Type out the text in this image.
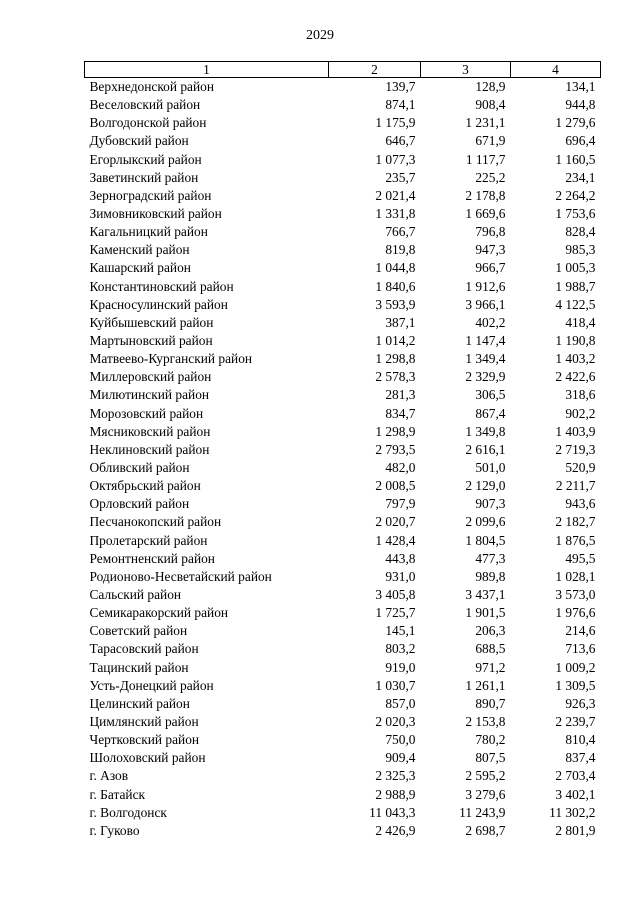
2029
1	2	3	4
Верхнедонской район	139,7	128,9	134,1
Веселовский район	874,1	908,4	944,8
Волгодонской район	1 175,9	1 231,1	1 279,6
Дубовский район	646,7	671,9	696,4
Егорлыкский район	1 077,3	1 117,7	1 160,5
Заветинский район	235,7	225,2	234,1
Зерноградский район	2 021,4	2 178,8	2 264,2
Зимовниковский район	1 331,8	1 669,6	1 753,6
Кагальницкий район	766,7	796,8	828,4
Каменский район	819,8	947,3	985,3
Кашарский район	1 044,8	966,7	1 005,3
Константиновский район	1 840,6	1 912,6	1 988,7
Красносулинский район	3 593,9	3 966,1	4 122,5
Куйбышевский район	387,1	402,2	418,4
Мартыновский район	1 014,2	1 147,4	1 190,8
Матвеево-Курганский район	1 298,8	1 349,4	1 403,2
Миллеровский район	2 578,3	2 329,9	2 422,6
Милютинский район	281,3	306,5	318,6
Морозовский район	834,7	867,4	902,2
Мясниковский район	1 298,9	1 349,8	1 403,9
Неклиновский район	2 793,5	2 616,1	2 719,3
Обливский район	482,0	501,0	520,9
Октябрьский район	2 008,5	2 129,0	2 211,7
Орловский район	797,9	907,3	943,6
Песчанокопский район	2 020,7	2 099,6	2 182,7
Пролетарский район	1 428,4	1 804,5	1 876,5
Ремонтненский район	443,8	477,3	495,5
Родионово-Несветайский район	931,0	989,8	1 028,1
Сальский район	3 405,8	3 437,1	3 573,0
Семикаракорский район	1 725,7	1 901,5	1 976,6
Советский район	145,1	206,3	214,6
Тарасовский район	803,2	688,5	713,6
Тацинский район	919,0	971,2	1 009,2
Усть-Донецкий район	1 030,7	1 261,1	1 309,5
Целинский район	857,0	890,7	926,3
Цимлянский район	2 020,3	2 153,8	2 239,7
Чертковский район	750,0	780,2	810,4
Шолоховский район	909,4	807,5	837,4
г. Азов	2 325,3	2 595,2	2 703,4
г. Батайск	2 988,9	3 279,6	3 402,1
г. Волгодонск	11 043,3	11 243,9	11 302,2
г. Гуково	2 426,9	2 698,7	2 801,9
